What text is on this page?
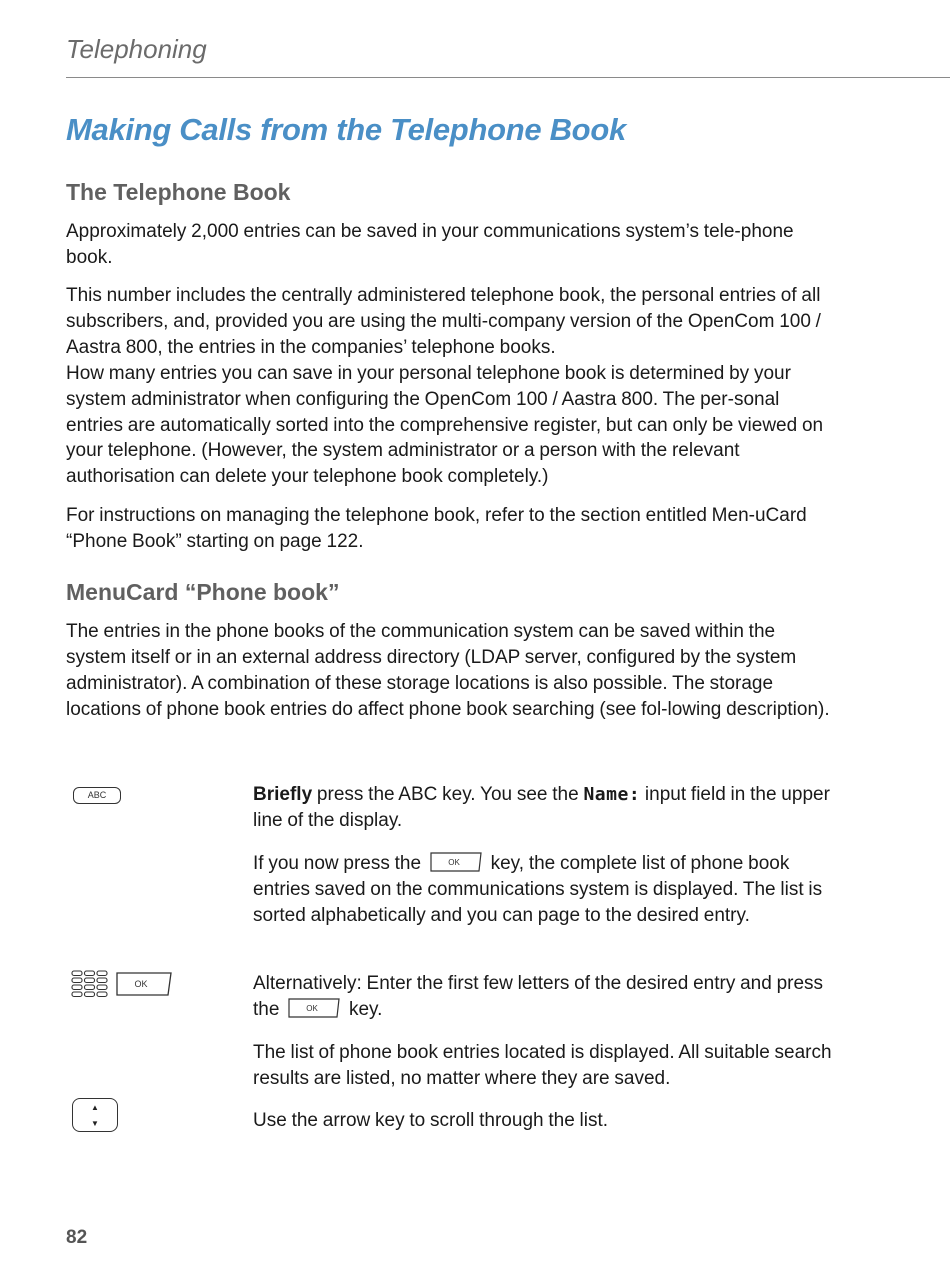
Telephoning
Making Calls from the Telephone Book
The Telephone Book

Approximately 2,000 entries can be saved in your communications system’s tele-phone book.

This number includes the centrally administered telephone book, the personal entries of all subscribers, and, provided you are using the multi-company version of the OpenCom 100 / Aastra 800, the entries in the companies’ telephone books.
How many entries you can save in your personal telephone book is determined by your system administrator when configuring the OpenCom 100 / Aastra 800. The per-sonal entries are automatically sorted into the comprehensive register, but can only be viewed on your telephone. (However, the system administrator or a person with the relevant authorisation can delete your telephone book completely.)

For instructions on managing the telephone book, refer to the section entitled Men-uCard “Phone Book” starting on page 122.

MenuCard “Phone book”

The entries in the phone books of the communication system can be saved within the system itself or in an external address directory (LDAP server, configured by the system administrator). A combination of these storage locations is also possible. The storage locations of phone book entries do affect phone book searching (see fol-lowing description).

ABC	Briefly press the ABC key. You see the Name: input field in the upper line of the display.

If you now press the	OK key, the complete list of phone book entries saved on the communications system is displayed. The list is sorted alphabetically and you can page to the desired entry.

OK	Alternatively: Enter the first few letters of the desired entry and press the	OK key.

The list of phone book entries located is displayed. All suitable search results are listed, no matter where they are saved.

▲
▼	Use the arrow key to scroll through the list.

82
